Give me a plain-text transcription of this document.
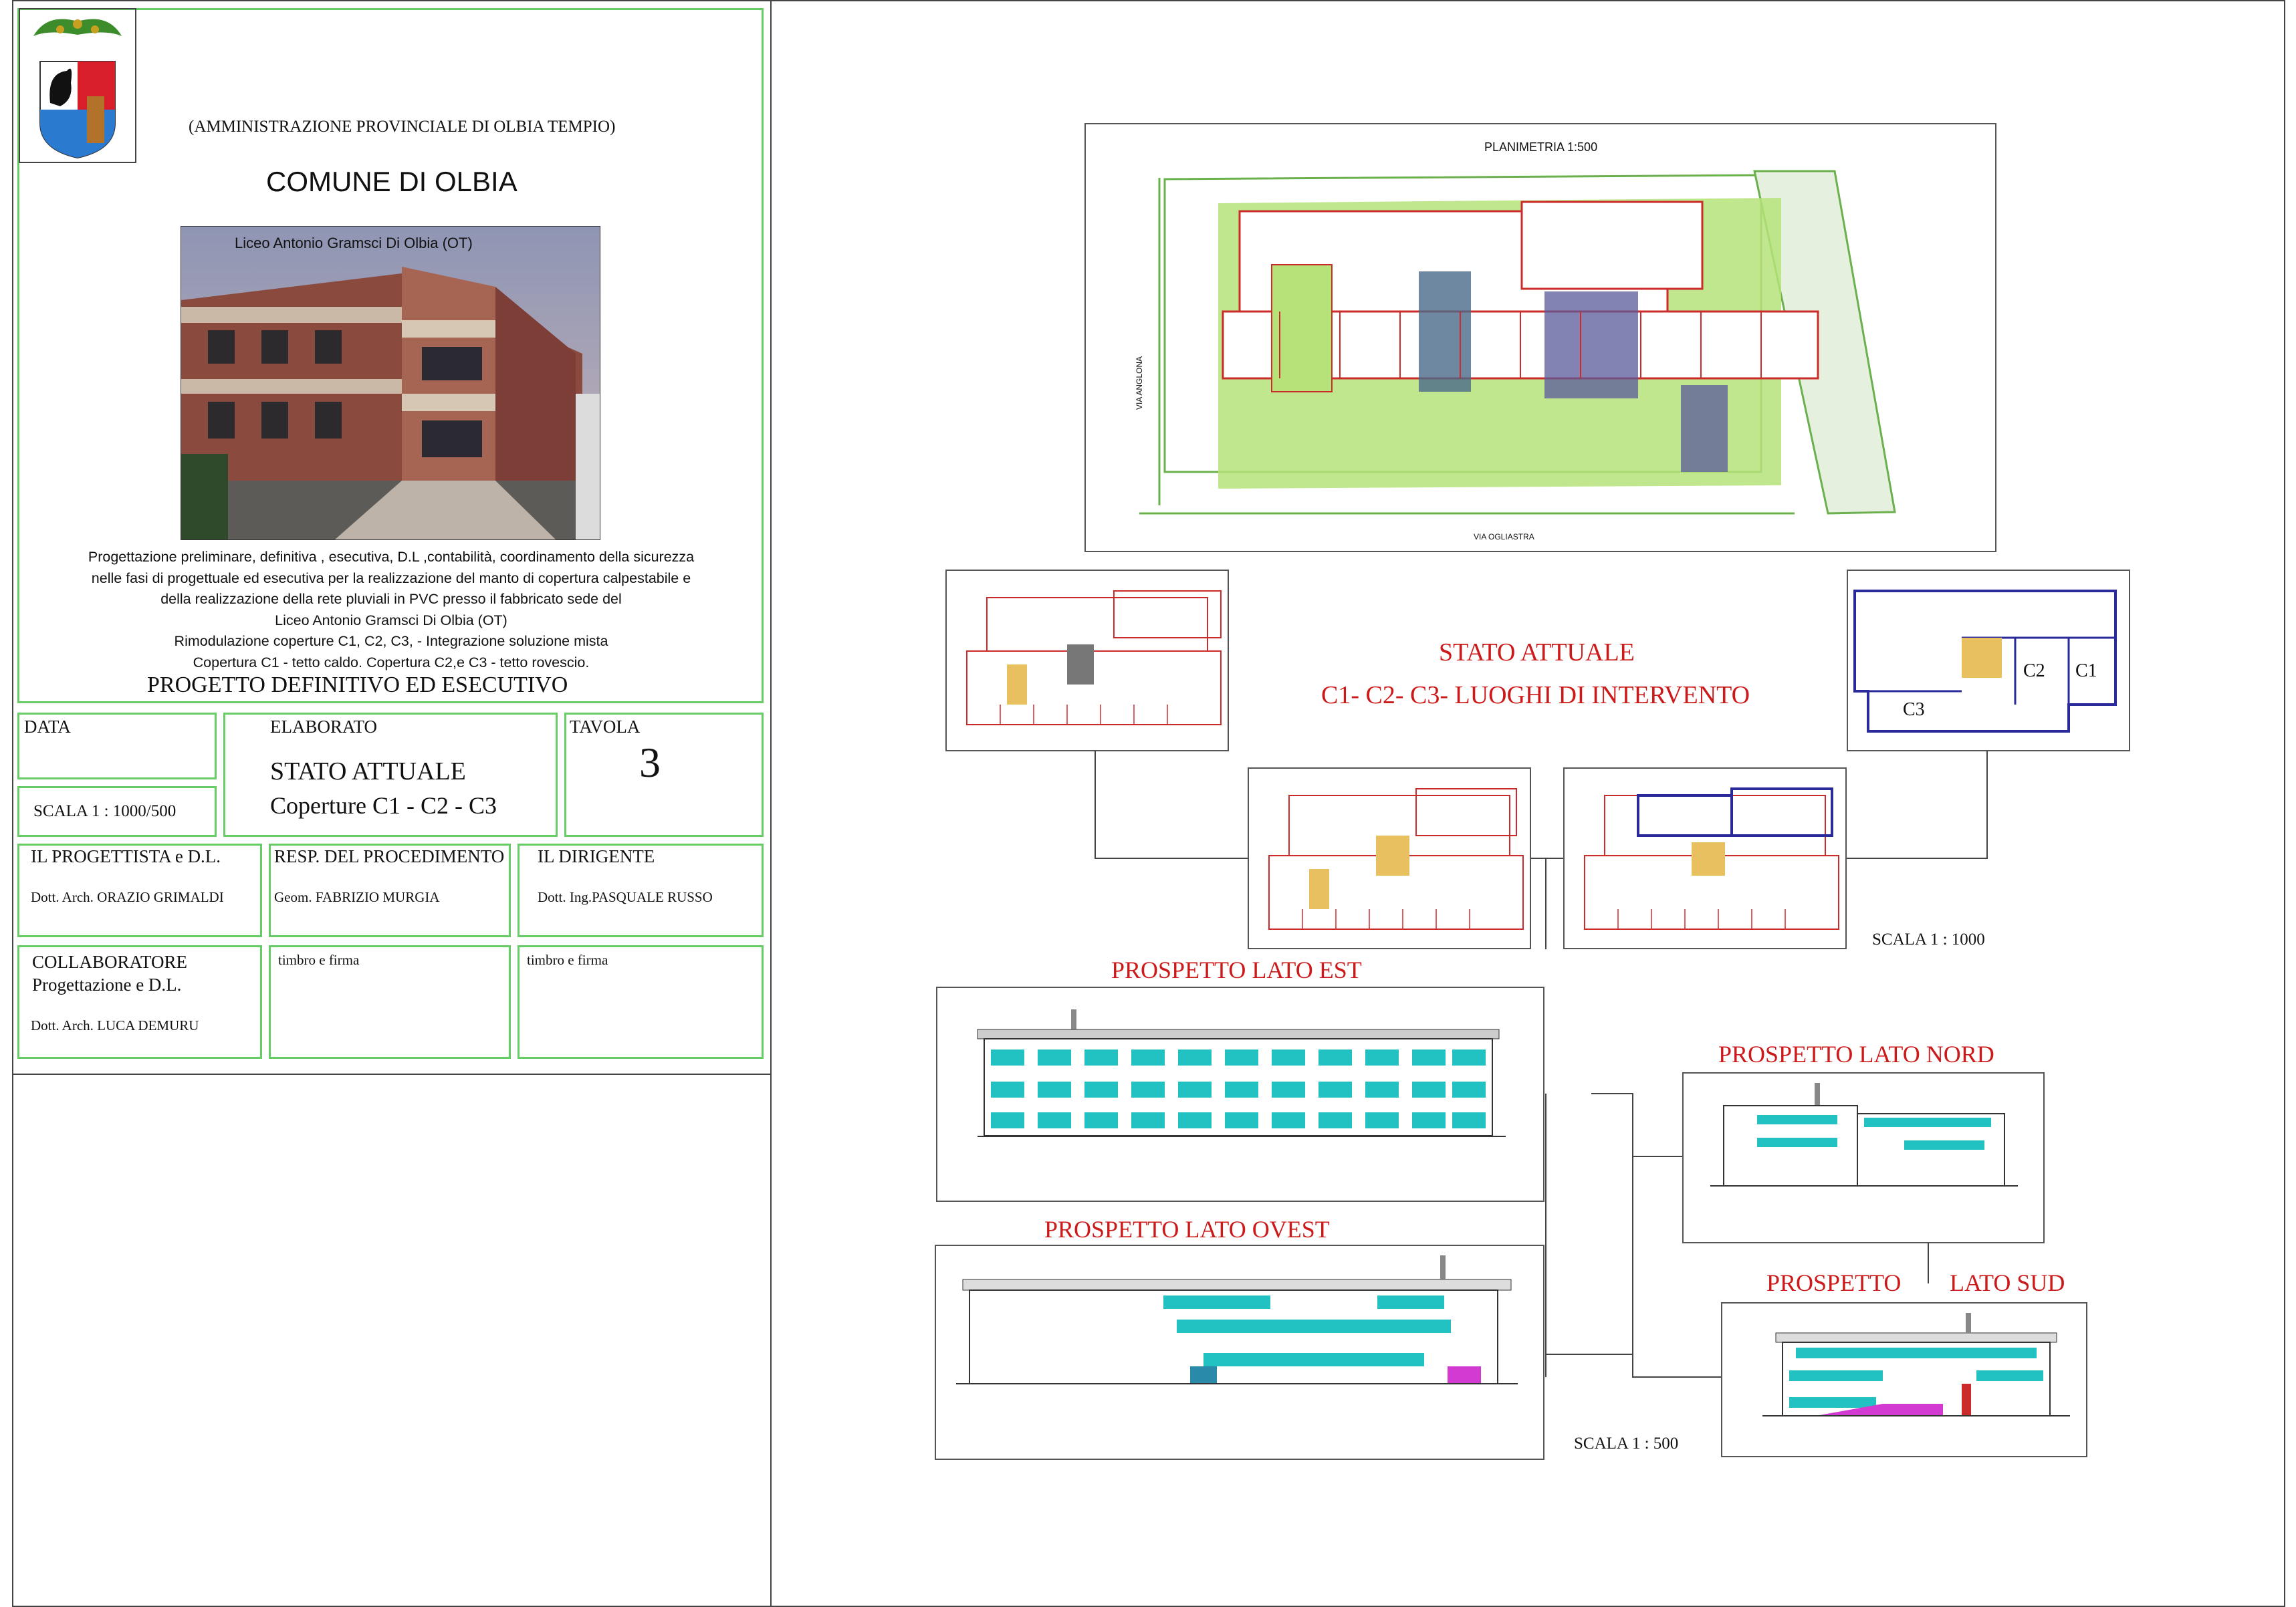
(AMMINISTRAZIONE PROVINCIALE DI OLBIA TEMPIO)
COMUNE DI OLBIA
Liceo Antonio Gramsci Di Olbia (OT)
Progettazione preliminare, definitiva , esecutiva, D.L ,contabilità, coordinamento della sicurezza
nelle fasi di progettuale ed esecutiva per la realizzazione del manto di copertura calpestabile e
della realizzazione della rete pluviali in PVC presso il fabbricato sede del
Liceo Antonio Gramsci Di Olbia (OT)
Rimodulazione coperture C1, C2, C3, - Integrazione soluzione mista
Copertura C1 - tetto caldo. Copertura C2,e C3 - tetto rovescio.
PROGETTO DEFINITIVO ED ESECUTIVO
DATA
SCALA 1 : 1000/500
ELABORATO
STATO ATTUALE
Coperture C1 - C2 - C3
TAVOLA
3
IL PROGETTISTA e D.L.
Dott. Arch. ORAZIO GRIMALDI
RESP. DEL PROCEDIMENTO
Geom. FABRIZIO MURGIA
IL DIRIGENTE
Dott. Ing.PASQUALE RUSSO
COLLABORATORE
Progettazione e D.L.
Dott. Arch. LUCA DEMURU
timbro e firma	timbro e firma
PLANIMETRIA 1:500
VIA ANGLONA
VIA OGLIASTRA
C2 C1
C3
STATO ATTUALE
C1- C2- C3- LUOGHI DI INTERVENTO
SCALA 1 : 1000
PROSPETTO LATO EST
PROSPETTO LATO NORD
PROSPETTO LATO OVEST
PROSPETTO LATO SUD
SCALA 1 : 500
